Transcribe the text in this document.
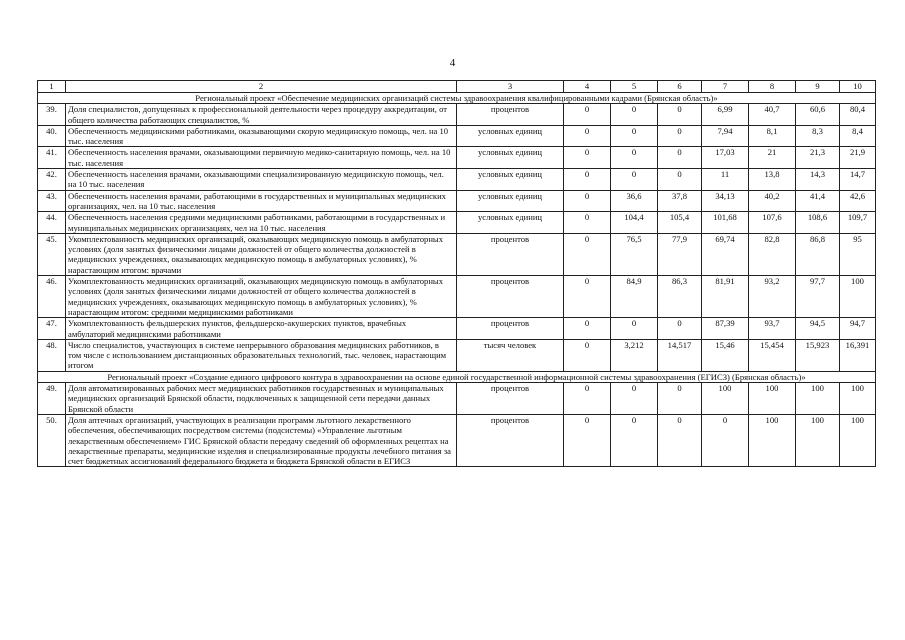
4
1	2	3	4	5	6	7	8	9	10
Региональный проект «Обеспечение медицинских организаций системы здравоохранения квалифицированными кадрами (Брянская область)»									
39.	Доля специалистов, допущенных к профессиональной деятельности через процедуру аккредитации, от общего количества работающих специалистов, %	процентов	0	0	0	6,99	40,7	60,6	80,4
40.	Обеспеченность медицинскими работниками, оказывающими скорую медицинскую помощь, чел. на 10 тыс. населения	условных единиц	0	0	0	7,94	8,1	8,3	8,4
41.	Обеспеченность населения врачами, оказывающими первичную медико-санитарную помощь, чел. на 10 тыс. населения	условных единиц	0	0	0	17,03	21	21,3	21,9
42.	Обеспеченность населения врачами, оказывающими специализированную медицинскую помощь, чел. на 10 тыс. населения	условных единиц	0	0	0	11	13,8	14,3	14,7
43.	Обеспеченность населения врачами, работающими в государственных и муниципальных медицинских организациях, чел. на 10 тыс. населения	условных единиц	0	36,6	37,8	34,13	40,2	41,4	42,6
44.	Обеспеченность населения средними медицинскими работниками, работающими в государственных и муниципальных медицинских организациях, чел на 10 тыс. населения	условных единиц	0	104,4	105,4	101,68	107,6	108,6	109,7
45.	Укомплектованность медицинских организаций, оказывающих медицинскую помощь в амбулаторных условиях (доля занятых физическими лицами должностей от общего количества должностей в медицинских учреждениях, оказывающих медицинскую помощь в амбулаторных условиях), % нарастающим итогом: врачами	процентов	0	76,5	77,9	69,74	82,8	86,8	95
46.	Укомплектованность медицинских организаций, оказывающих медицинскую помощь в амбулаторных условиях (доля занятых физическими лицами должностей от общего количества должностей в медицинских учреждениях, оказывающих медицинскую помощь в амбулаторных условиях), % нарастающим итогом: средними медицинскими работниками	процентов	0	84,9	86,3	81,91	93,2	97,7	100
47.	Укомплектованность фельдшерских пунктов, фельдшерско-акушерских пунктов, врачебных амбулаторий медицинскими работниками	процентов	0	0	0	87,39	93,7	94,5	94,7
48.	Число специалистов, участвующих в системе непрерывного образования медицинских работников, в том числе с использованием дистанционных образовательных технологий, тыс. человек, нарастающим итогом	тысяч человек	0	3,212	14,517	15,46	15,454	15,923	16,391
Региональный проект «Создание единого цифрового контура в здравоохранении на основе единой государственной информационной системы здравоохранения (ЕГИСЗ) (Брянская область)»									
49.	Доля автоматизированных рабочих мест медицинских работников государственных и муниципальных медицинских организаций Брянской области, подключенных к защищенной сети передачи данных Брянской области	процентов	0	0	0	100	100	100	100
50.	Доля аптечных организаций, участвующих в реализации программ льготного лекарственного обеспечения, обеспечивающих посредством системы (подсистемы) «Управление льготным лекарственным обеспечением» ГИС Брянской области передачу сведений об оформленных рецептах на лекарственные препараты, медицинские изделия и специализированные продукты лечебного питания за счет бюджетных ассигнований федерального бюджета и бюджета Брянской области в ЕГИСЗ	процентов	0	0	0	0	100	100	100
